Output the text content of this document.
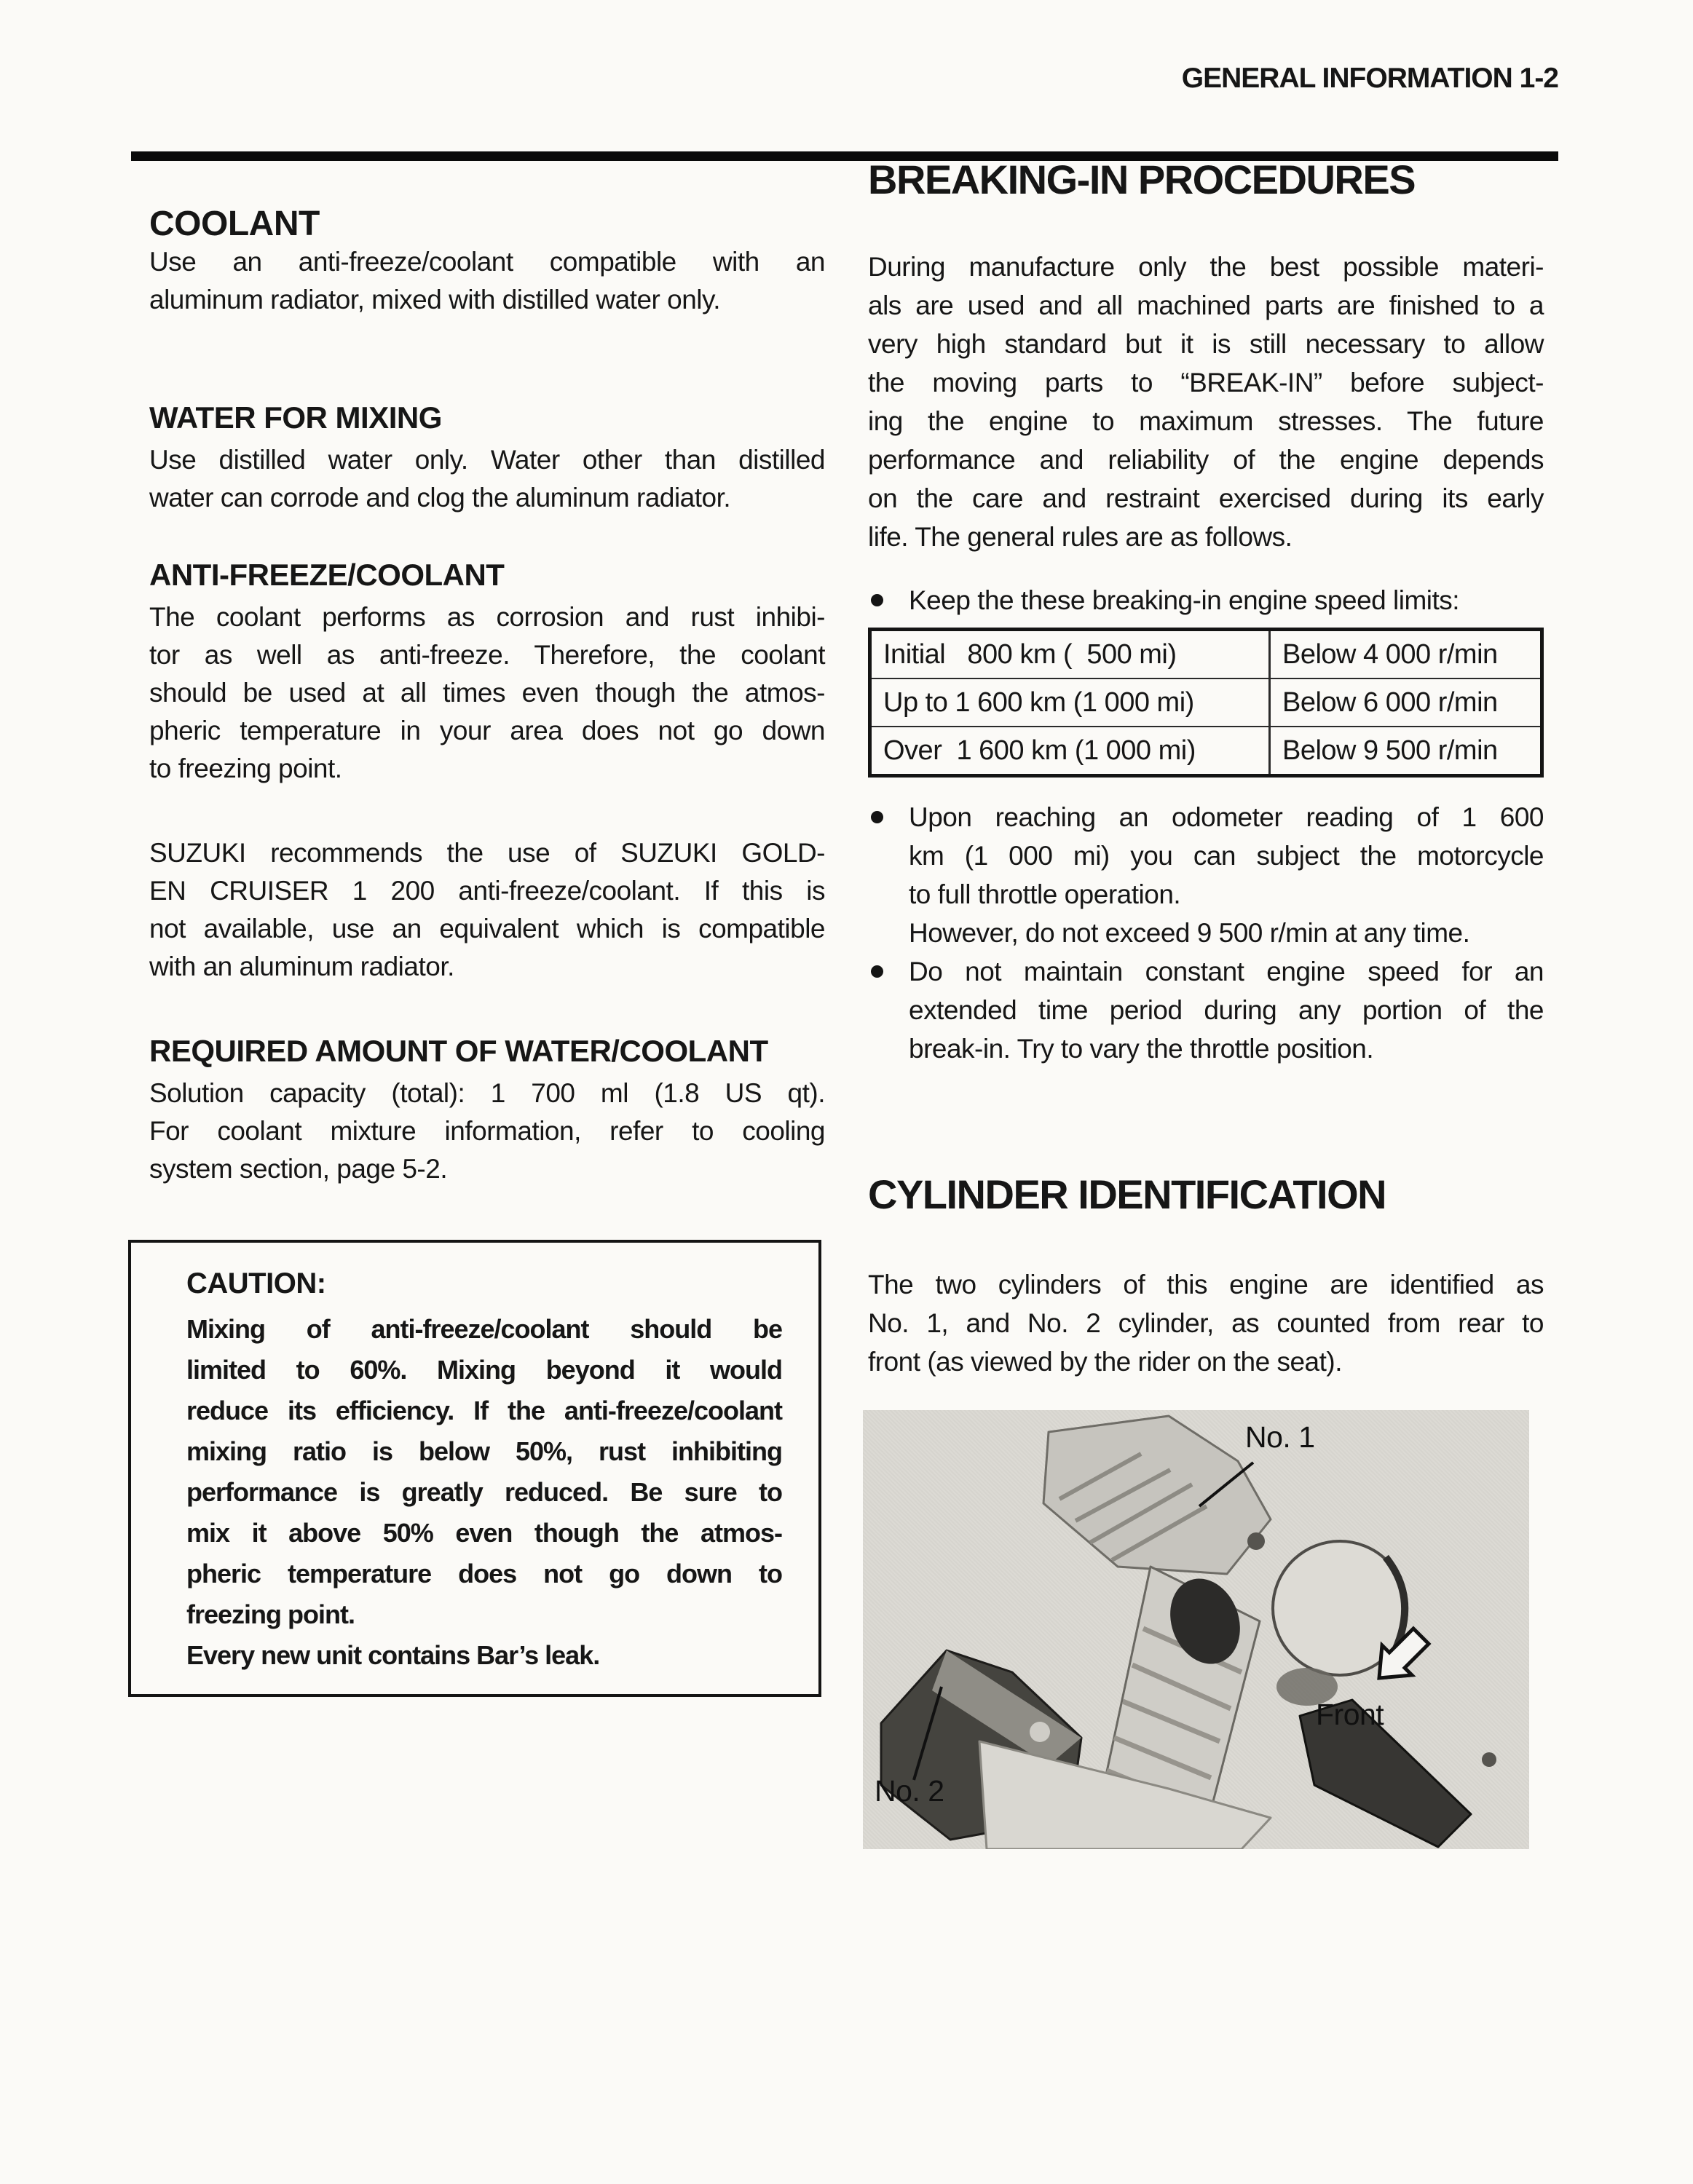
GENERAL INFORMATION 1-2
COOLANT
Use an anti-freeze/coolant compatible with an
aluminum radiator, mixed with distilled water only.
WATER FOR MIXING
Use distilled water only. Water other than distilled
water can corrode and clog the aluminum radiator.
ANTI-FREEZE/COOLANT
The coolant performs as corrosion and rust inhibi-
tor as well as anti-freeze. Therefore, the coolant
should be used at all times even though the atmos-
pheric temperature in your area does not go down
to freezing point.
SUZUKI recommends the use of SUZUKI GOLD-
EN CRUISER 1 200 anti-freeze/coolant. If this is
not available, use an equivalent which is compatible
with an aluminum radiator.
REQUIRED AMOUNT OF WATER/COOLANT
Solution capacity (total): 1 700 ml (1.8 US qt).
For coolant mixture information, refer to cooling
system section, page 5-2.
CAUTION:
Mixing of anti-freeze/coolant should be
limited to 60%. Mixing beyond it would
reduce its efficiency. If the anti-freeze/coolant
mixing ratio is below 50%, rust inhibiting
performance is greatly reduced. Be sure to
mix it above 50% even though the atmos-
pheric temperature does not go down to
freezing point.
Every new unit contains Bar’s leak.
BREAKING-IN PROCEDURES
During manufacture only the best possible materi-
als are used and all machined parts are finished to a
very high standard but it is still necessary to allow
the moving parts to “BREAK-IN” before subject-
ing the engine to maximum stresses. The future
performance and reliability of the engine depends
on the care and restraint exercised during its early
life. The general rules are as follows.
Keep the these breaking-in engine speed limits:
Initial   800 km (  500 mi)	Below 4 000 r/min
Up to 1 600 km (1 000 mi)	Below 6 000 r/min
Over  1 600 km (1 000 mi)	Below 9 500 r/min
Upon reaching an odometer reading of 1 600
km (1 000 mi) you can subject the motorcycle
to full throttle operation.
However, do not exceed 9 500 r/min at any time.
Do not maintain constant engine speed for an
extended time period during any portion of the
break-in. Try to vary the throttle position.
CYLINDER IDENTIFICATION
The two cylinders of this engine are identified as
No. 1, and No. 2 cylinder, as counted from rear to
front (as viewed by the rider on the seat).
No. 1
No. 2
Front
